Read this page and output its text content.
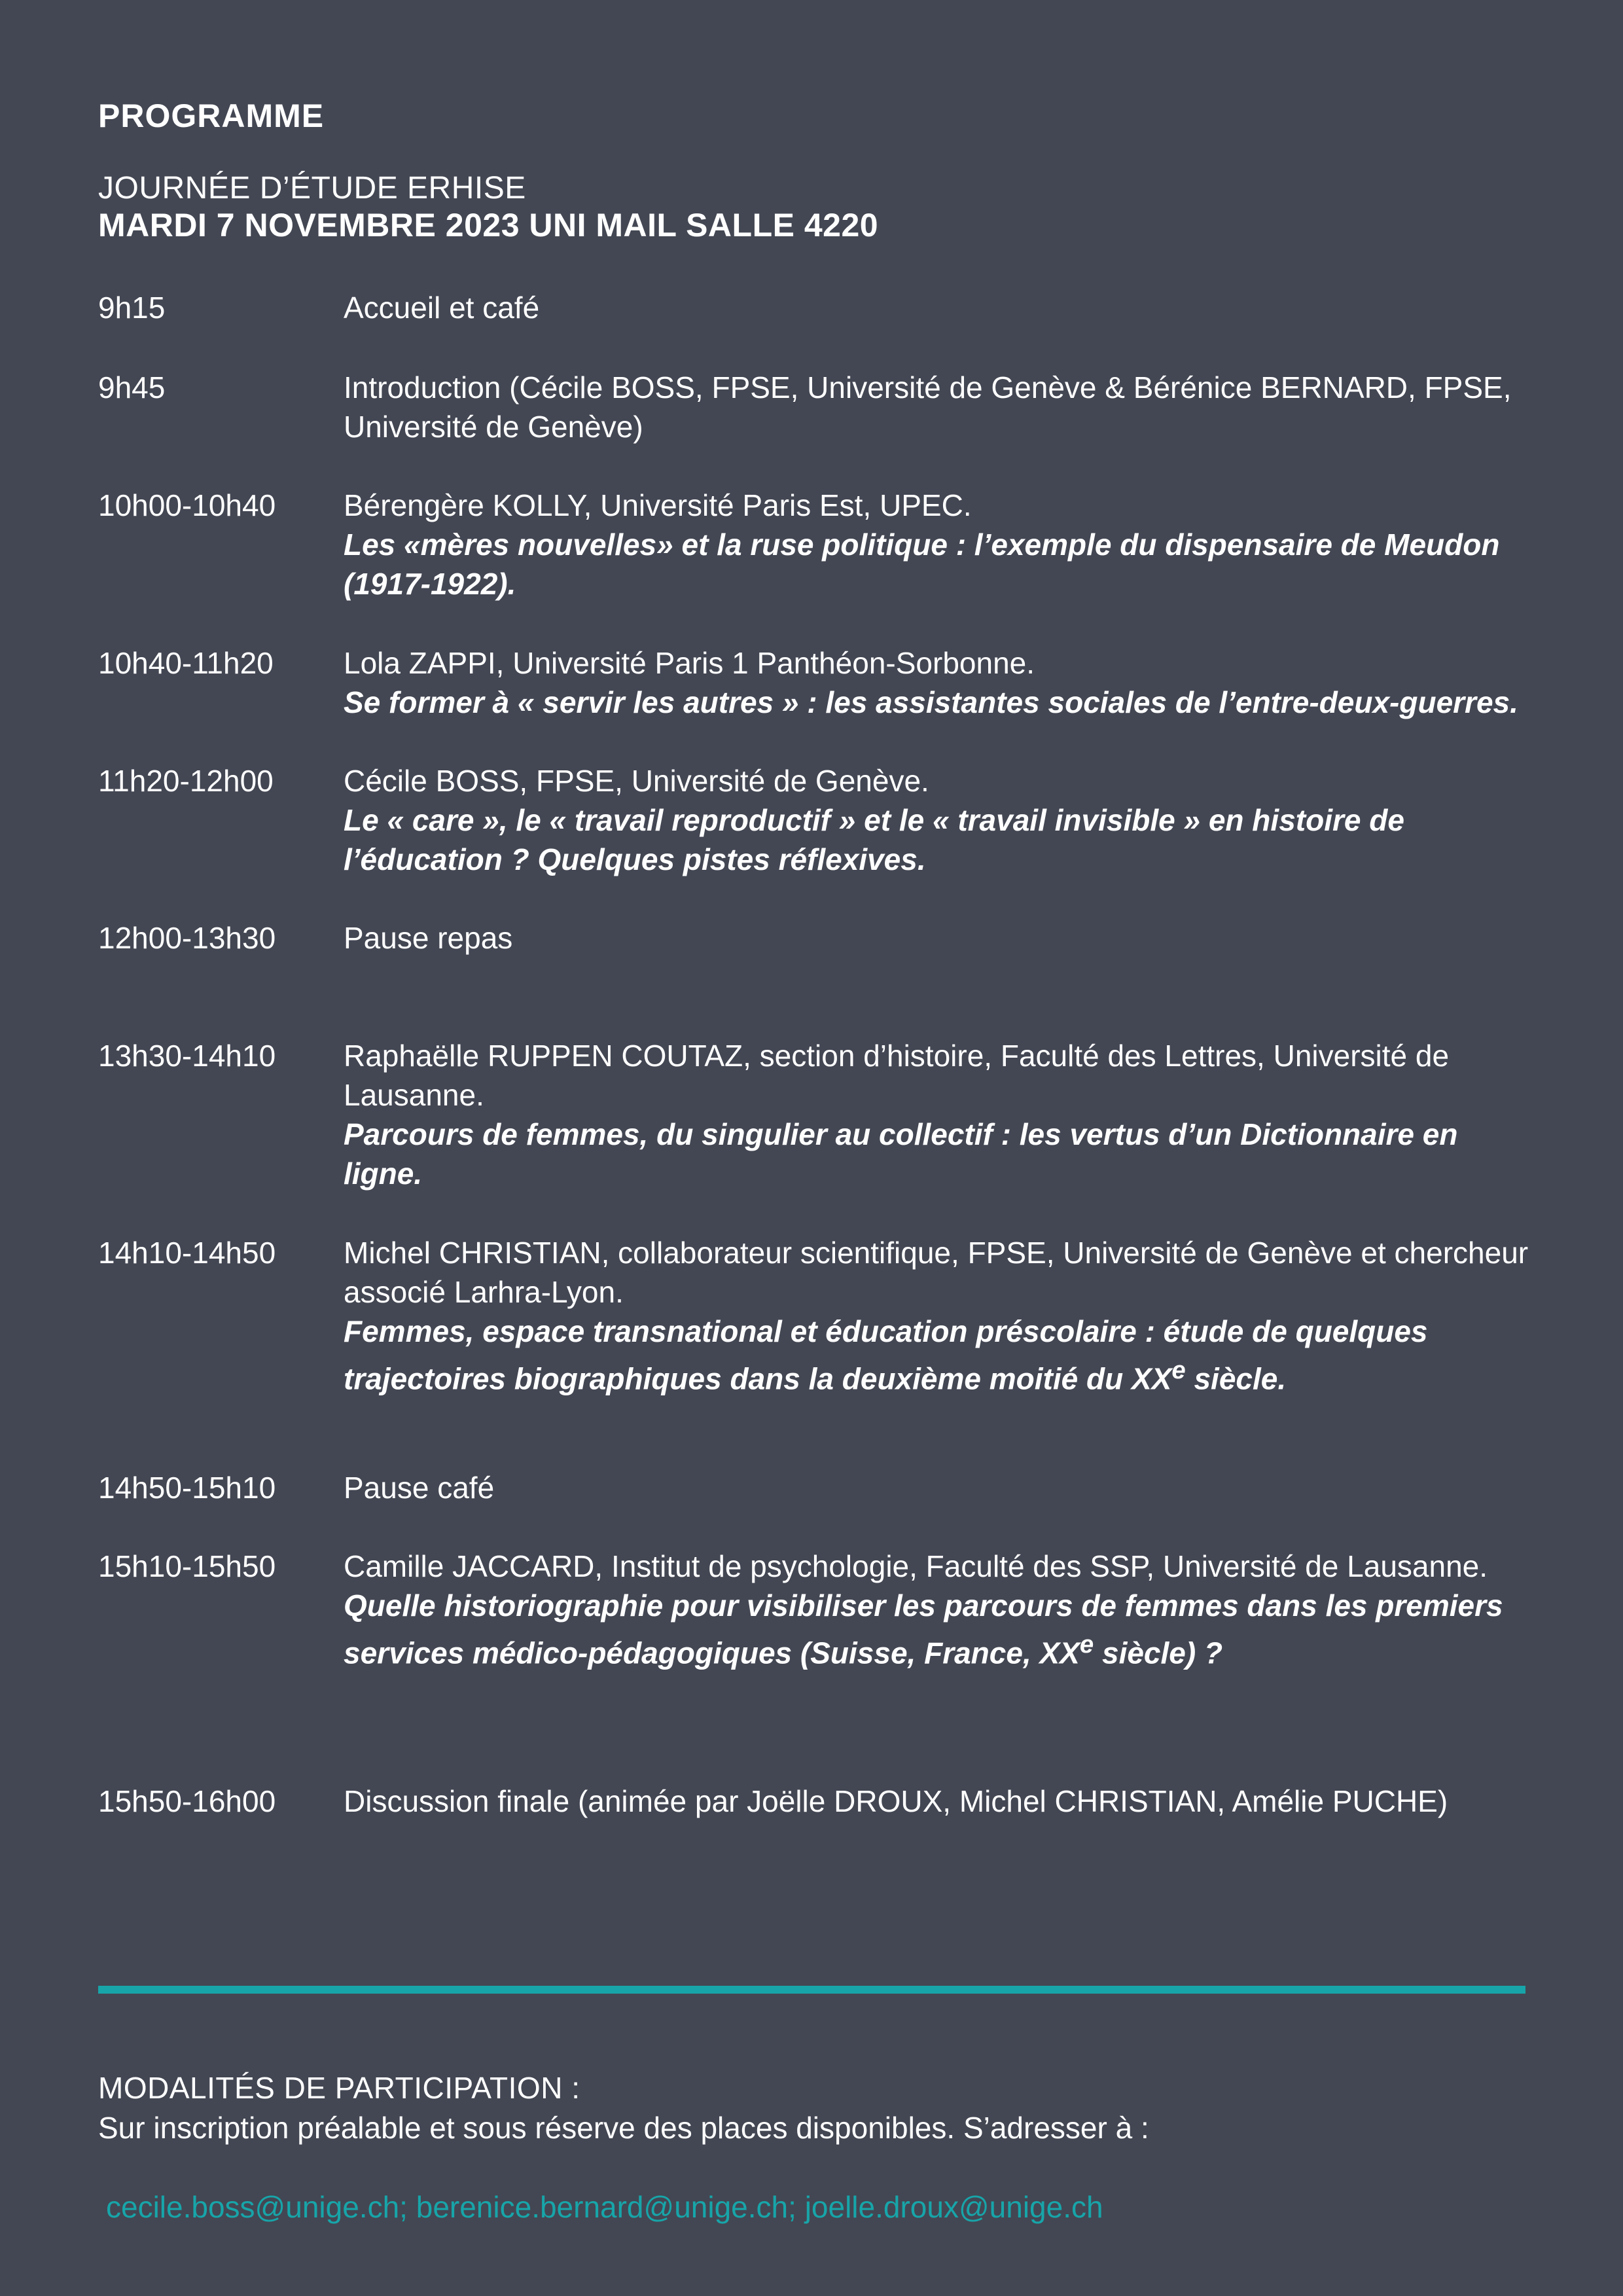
PROGRAMME
JOURNÉE D’ÉTUDE ERHISE
MARDI 7 NOVEMBRE 2023 UNI MAIL SALLE 4220
9h15	Accueil et café
9h45	Introduction (Cécile BOSS, FPSE, Université de Genève & Bérénice BERNARD, FPSE, Université de Genève)
10h00-10h40	Bérengère KOLLY, Université Paris Est, UPEC.
Les «mères nouvelles» et la ruse politique : l’exemple du dispensaire de Meudon (1917-1922).
10h40-11h20	Lola ZAPPI, Université Paris 1 Panthéon-Sorbonne.
Se former à « servir les autres » : les assistantes sociales de l’entre-deux-guerres.
11h20-12h00	Cécile BOSS, FPSE, Université de Genève.
Le « care », le « travail reproductif » et le « travail invisible » en histoire de l’éducation ? Quelques pistes réflexives.
12h00-13h30	Pause repas
13h30-14h10	Raphaëlle RUPPEN COUTAZ, section d’histoire, Faculté des Lettres, Université de Lausanne.
Parcours de femmes, du singulier au collectif : les vertus d’un Dictionnaire en ligne.
14h10-14h50	Michel CHRISTIAN, collaborateur scientifique, FPSE, Université de Genève et chercheur associé Larhra-Lyon.
Femmes, espace transnational et éducation préscolaire : étude de quelques trajectoires biographiques dans la deuxième moitié du XXe siècle.
14h50-15h10	Pause café
15h10-15h50	Camille JACCARD, Institut de psychologie, Faculté des SSP, Université de Lausanne.
Quelle historiographie pour visibiliser les parcours de femmes dans les premiers services médico-pédagogiques (Suisse, France, XXe siècle) ?
15h50-16h00	Discussion finale (animée par Joëlle DROUX, Michel CHRISTIAN, Amélie PUCHE)
MODALITÉS DE PARTICIPATION :
Sur inscription préalable et sous réserve des places disponibles. S’adresser à :
cecile.boss@unige.ch; berenice.bernard@unige.ch; joelle.droux@unige.ch
